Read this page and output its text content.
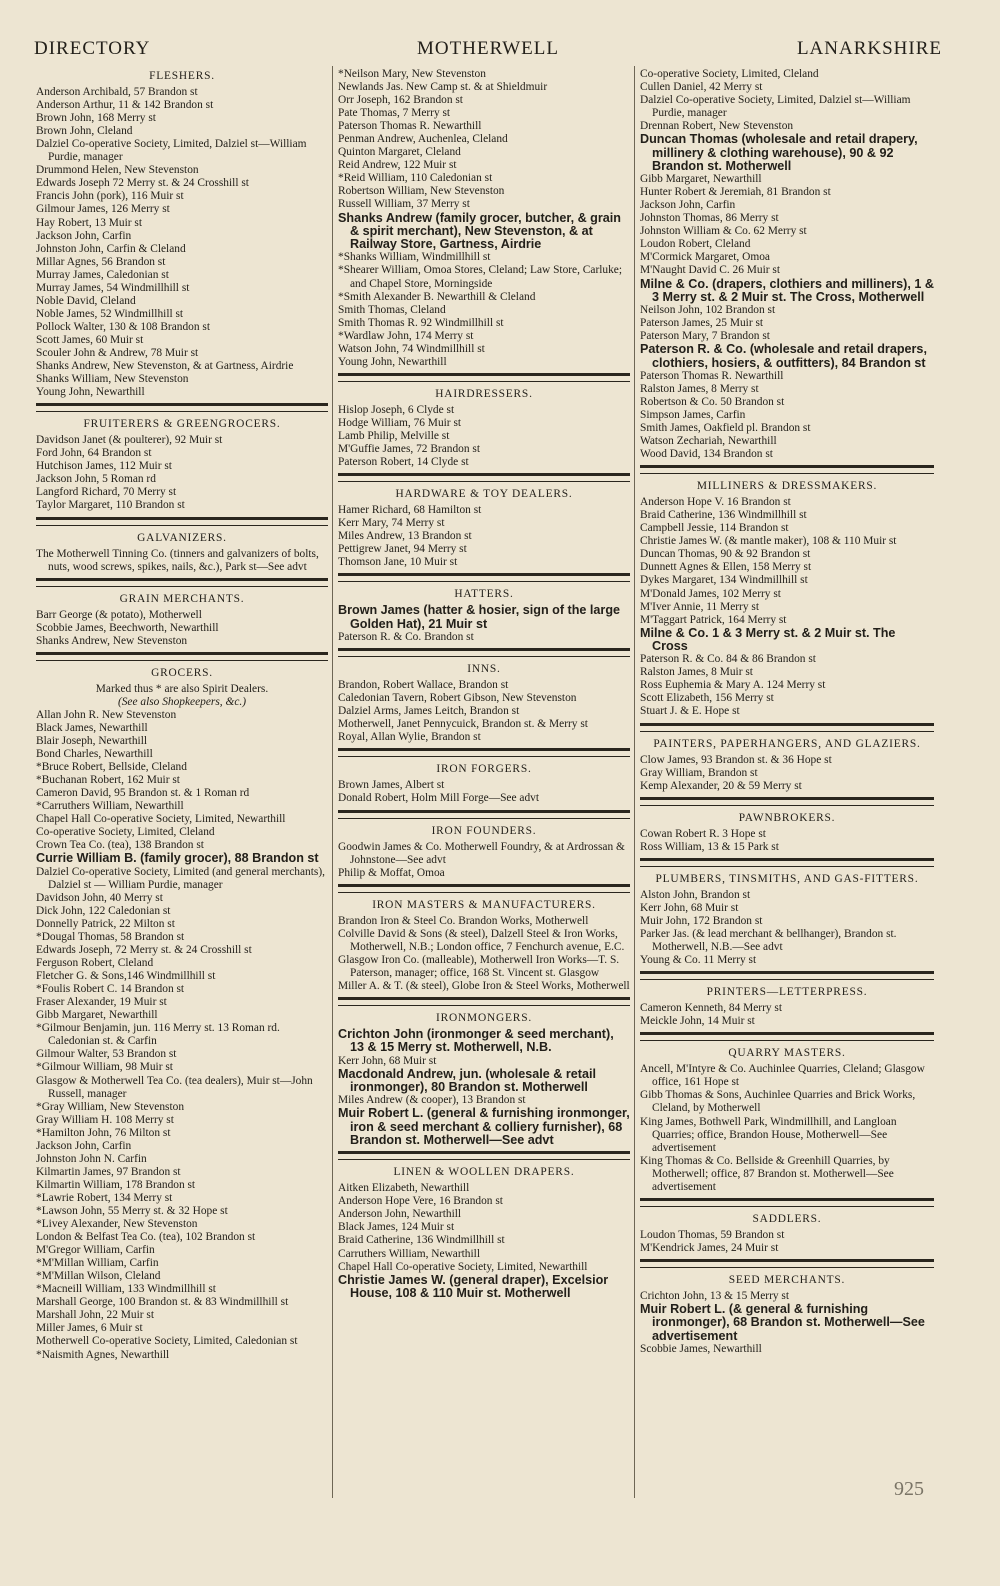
DIRECTORY	MOTHERWELL	LANARKSHIRE
FLESHERS.
Anderson Archibald, 57 Brandon st
Anderson Arthur, 11 & 142 Brandon st
Brown John, 168 Merry st
Brown John, Cleland
Dalziel Co-operative Society, Limited, Dalziel st—William Purdie, manager
Drummond Helen, New Stevenston
Edwards Joseph 72 Merry st. & 24 Crosshill st
Francis John (pork), 116 Muir st
Gilmour James, 126 Merry st
Hay Robert, 13 Muir st
Jackson John, Carfin
Johnston John, Carfin & Cleland
Millar Agnes, 56 Brandon st
Murray James, Caledonian st
Murray James, 54 Windmillhill st
Noble David, Cleland
Noble James, 52 Windmillhill st
Pollock Walter, 130 & 108 Brandon st
Scott James, 60 Muir st
Scouler John & Andrew, 78 Muir st
Shanks Andrew, New Stevenston, & at Gartness, Airdrie
Shanks William, New Stevenston
Young John, Newarthill
FRUITERERS & GREENGROCERS.
Davidson Janet (& poulterer), 92 Muir st
Ford John, 64 Brandon st
Hutchison James, 112 Muir st
Jackson John, 5 Roman rd
Langford Richard, 70 Merry st
Taylor Margaret, 110 Brandon st
GALVANIZERS.
The Motherwell Tinning Co. (tinners and galvanizers of bolts, nuts, wood screws, spikes, nails, &c.), Park st—See advt
GRAIN MERCHANTS.
Barr George (& potato), Motherwell
Scobbie James, Beechworth, Newarthill
Shanks Andrew, New Stevenston
GROCERS.
Marked thus * are also Spirit Dealers.
(See also Shopkeepers, &c.)
Allan John R. New Stevenston
Black James, Newarthill
Blair Joseph, Newarthill
Bond Charles, Newarthill
*Bruce Robert, Bellside, Cleland
*Buchanan Robert, 162 Muir st
Cameron David, 95 Brandon st. & 1 Roman rd
*Carruthers William, Newarthill
Chapel Hall Co-operative Society, Limited, Newarthill
Co-operative Society, Limited, Cleland
Crown Tea Co. (tea), 138 Brandon st
Currie William B. (family grocer), 88 Brandon st
Dalziel Co-operative Society, Limited (and general merchants), Dalziel st — William Purdie, manager
Davidson John, 40 Merry st
Dick John, 122 Caledonian st
Donnelly Patrick, 22 Milton st
*Dougal Thomas, 58 Brandon st
Edwards Joseph, 72 Merry st. & 24 Crosshill st
Ferguson Robert, Cleland
Fletcher G. & Sons,146 Windmillhill st
*Foulis Robert C. 14 Brandon st
Fraser Alexander, 19 Muir st
Gibb Margaret, Newarthill
*Gilmour Benjamin, jun. 116 Merry st. 13 Roman rd. Caledonian st. & Carfin
Gilmour Walter, 53 Brandon st
*Gilmour William, 98 Muir st
Glasgow & Motherwell Tea Co. (tea dealers), Muir st—John Russell, manager
*Gray William, New Stevenston
Gray William H. 108 Merry st
*Hamilton John, 76 Milton st
Jackson John, Carfin
Johnston John N. Carfin
Kilmartin James, 97 Brandon st
Kilmartin William, 178 Brandon st
*Lawrie Robert, 134 Merry st
*Lawson John, 55 Merry st. & 32 Hope st
*Livey Alexander, New Stevenston
London & Belfast Tea Co. (tea), 102 Brandon st
M'Gregor William, Carfin
*M'Millan William, Carfin
*M'Millan Wilson, Cleland
*Macneill William, 133 Windmillhill st
Marshall George, 100 Brandon st. & 83 Windmillhill st
Marshall John, 22 Muir st
Miller James, 6 Muir st
Motherwell Co-operative Society, Limited, Caledonian st
*Naismith Agnes, Newarthill
*Neilson Mary, New Stevenston
Newlands Jas. New Camp st. & at Shieldmuir
Orr Joseph, 162 Brandon st
Pate Thomas, 7 Merry st
Paterson Thomas R. Newarthill
Penman Andrew, Auchenlea, Cleland
Quinton Margaret, Cleland
Reid Andrew, 122 Muir st
*Reid William, 110 Caledonian st
Robertson William, New Stevenston
Russell William, 37 Merry st
Shanks Andrew (family grocer, butcher, & grain & spirit merchant), New Stevenston, & at Railway Store, Gartness, Airdrie
*Shanks William, Windmillhill st
*Shearer William, Omoa Stores, Cleland; Law Store, Carluke; and Chapel Store, Morningside
*Smith Alexander B. Newarthill & Cleland
Smith Thomas, Cleland
Smith Thomas R. 92 Windmillhill st
*Wardlaw John, 174 Merry st
Watson John, 74 Windmillhill st
Young John, Newarthill
HAIRDRESSERS.
Hislop Joseph, 6 Clyde st
Hodge William, 76 Muir st
Lamb Philip, Melville st
M'Guffie James, 72 Brandon st
Paterson Robert, 14 Clyde st
HARDWARE & TOY DEALERS.
Hamer Richard, 68 Hamilton st
Kerr Mary, 74 Merry st
Miles Andrew, 13 Brandon st
Pettigrew Janet, 94 Merry st
Thomson Jane, 10 Muir st
HATTERS.
Brown James (hatter & hosier, sign of the large Golden Hat), 21 Muir st
Paterson R. & Co. Brandon st
INNS.
Brandon, Robert Wallace, Brandon st
Caledonian Tavern, Robert Gibson, New Stevenston
Dalziel Arms, James Leitch, Brandon st
Motherwell, Janet Pennycuick, Brandon st. & Merry st
Royal, Allan Wylie, Brandon st
IRON FORGERS.
Brown James, Albert st
Donald Robert, Holm Mill Forge—See advt
IRON FOUNDERS.
Goodwin James & Co. Motherwell Foundry, & at Ardrossan & Johnstone—See advt
Philip & Moffat, Omoa
IRON MASTERS & MANUFACTURERS.
Brandon Iron & Steel Co. Brandon Works, Motherwell
Colville David & Sons (& steel), Dalzell Steel & Iron Works, Motherwell, N.B.; London office, 7 Fenchurch avenue, E.C.
Glasgow Iron Co. (malleable), Motherwell Iron Works—T. S. Paterson, manager; office, 168 St. Vincent st. Glasgow
Miller A. & T. (& steel), Globe Iron & Steel Works, Motherwell
IRONMONGERS.
Crichton John (ironmonger & seed merchant), 13 & 15 Merry st. Motherwell, N.B.
Kerr John, 68 Muir st
Macdonald Andrew, jun. (wholesale & retail ironmonger), 80 Brandon st. Motherwell
Miles Andrew (& cooper), 13 Brandon st
Muir Robert L. (general & furnishing ironmonger, iron & seed merchant & colliery furnisher), 68 Brandon st. Motherwell—See advt
LINEN & WOOLLEN DRAPERS.
Aitken Elizabeth, Newarthill
Anderson Hope Vere, 16 Brandon st
Anderson John, Newarthill
Black James, 124 Muir st
Braid Catherine, 136 Windmillhill st
Carruthers William, Newarthill
Chapel Hall Co-operative Society, Limited, Newarthill
Christie James W. (general draper), Excelsior House, 108 & 110 Muir st. Motherwell
Co-operative Society, Limited, Cleland
Cullen Daniel, 42 Merry st
Dalziel Co-operative Society, Limited, Dalziel st—William Purdie, manager
Drennan Robert, New Stevenston
Duncan Thomas (wholesale and retail drapery, millinery & clothing warehouse), 90 & 92 Brandon st. Motherwell
Gibb Margaret, Newarthill
Hunter Robert & Jeremiah, 81 Brandon st
Jackson John, Carfin
Johnston Thomas, 86 Merry st
Johnston William & Co. 62 Merry st
Loudon Robert, Cleland
M'Cormick Margaret, Omoa
M'Naught David C. 26 Muir st
Milne & Co. (drapers, clothiers and milliners), 1 & 3 Merry st. & 2 Muir st. The Cross, Motherwell
Neilson John, 102 Brandon st
Paterson James, 25 Muir st
Paterson Mary, 7 Brandon st
Paterson R. & Co. (wholesale and retail drapers, clothiers, hosiers, & outfitters), 84 Brandon st
Paterson Thomas R. Newarthill
Ralston James, 8 Merry st
Robertson & Co. 50 Brandon st
Simpson James, Carfin
Smith James, Oakfield pl. Brandon st
Watson Zechariah, Newarthill
Wood David, 134 Brandon st
MILLINERS & DRESSMAKERS.
Anderson Hope V. 16 Brandon st
Braid Catherine, 136 Windmillhill st
Campbell Jessie, 114 Brandon st
Christie James W. (& mantle maker), 108 & 110 Muir st
Duncan Thomas, 90 & 92 Brandon st
Dunnett Agnes & Ellen, 158 Merry st
Dykes Margaret, 134 Windmillhill st
M'Donald James, 102 Merry st
M'Iver Annie, 11 Merry st
M'Taggart Patrick, 164 Merry st
Milne & Co. 1 & 3 Merry st. & 2 Muir st. The Cross
Paterson R. & Co. 84 & 86 Brandon st
Ralston James, 8 Muir st
Ross Euphemia & Mary A. 124 Merry st
Scott Elizabeth, 156 Merry st
Stuart J. & E. Hope st
PAINTERS, PAPERHANGERS, AND GLAZIERS.
Clow James, 93 Brandon st. & 36 Hope st
Gray William, Brandon st
Kemp Alexander, 20 & 59 Merry st
PAWNBROKERS.
Cowan Robert R. 3 Hope st
Ross William, 13 & 15 Park st
PLUMBERS, TINSMITHS, AND GAS-FITTERS.
Alston John, Brandon st
Kerr John, 68 Muir st
Muir John, 172 Brandon st
Parker Jas. (& lead merchant & bellhanger), Brandon st. Motherwell, N.B.—See advt
Young & Co. 11 Merry st
PRINTERS—LETTERPRESS.
Cameron Kenneth, 84 Merry st
Meickle John, 14 Muir st
QUARRY MASTERS.
Ancell, M'Intyre & Co. Auchinlee Quarries, Cleland; Glasgow office, 161 Hope st
Gibb Thomas & Sons, Auchinlee Quarries and Brick Works, Cleland, by Motherwell
King James, Bothwell Park, Windmillhill, and Langloan Quarries; office, Brandon House, Motherwell—See advertisement
King Thomas & Co. Bellside & Greenhill Quarries, by Motherwell; office, 87 Brandon st. Motherwell—See advertisement
SADDLERS.
Loudon Thomas, 59 Brandon st
M'Kendrick James, 24 Muir st
SEED MERCHANTS.
Crichton John, 13 & 15 Merry st
Muir Robert L. (& general & furnishing ironmonger), 68 Brandon st. Motherwell—See advertisement
Scobbie James, Newarthill
925
